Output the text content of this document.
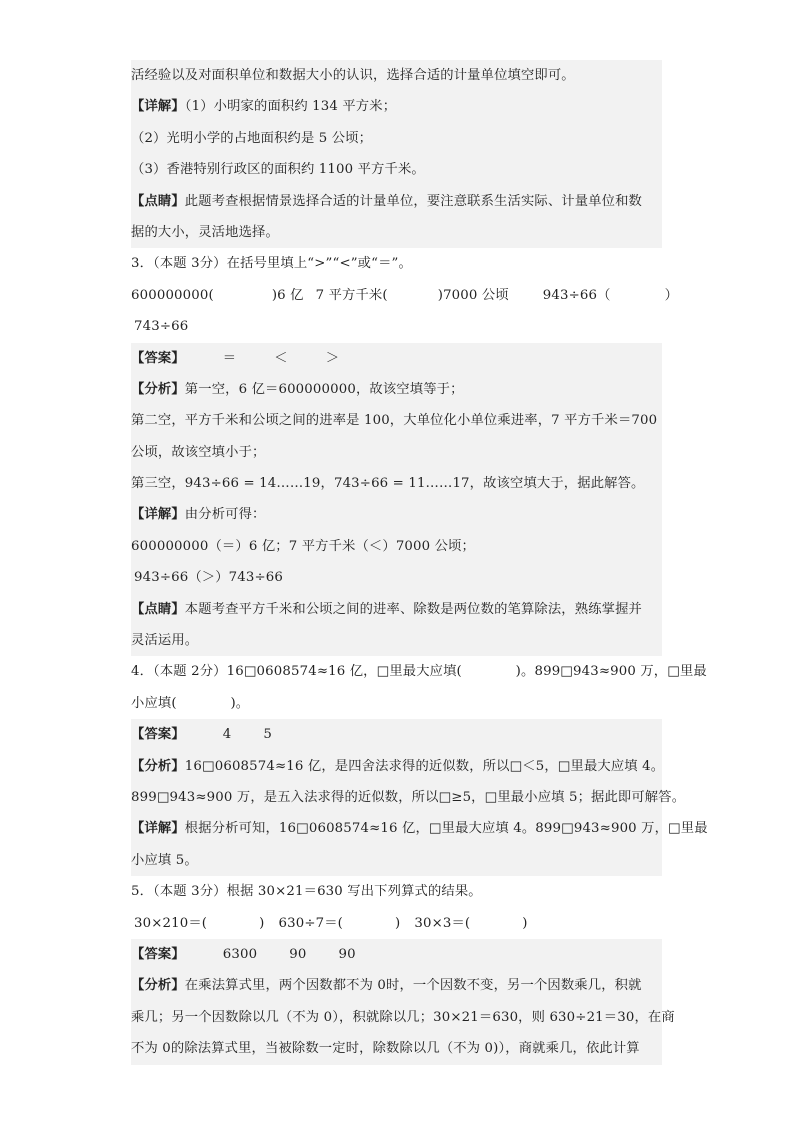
活经验以及对面积单位和数据大小的认识，选择合适的计量单位填空即可。
【详解】（1）小明家的面积约 134 平方米；
（2）光明小学的占地面积约是 5 公顷；
（3）香港特别行政区的面积约 1100 平方千米。
【点睛】此题考查根据情景选择合适的计量单位，要注意联系生活实际、计量单位和数
据的大小，灵活地选择。
3．（本题 3分）在括号里填上“>”“<”或“＝”。
600000000(	)6 亿 7 平方千米(	)7000 公顷	943÷66（	）
743÷66
【答案】	＝	＜	＞
【分析】第一空，6 亿＝600000000，故该空填等于；
第二空，平方千米和公顷之间的进率是 100，大单位化小单位乘进率，7 平方千米＝700
公顷，故该空填小于；
第三空，943÷66 = 14……19，743÷66 = 11……17，故该空填大于，据此解答。
【详解】由分析可得：
600000000（＝）6 亿；7 平方千米（＜）7000 公顷；
943÷66（＞）743÷66
【点睛】本题考查平方千米和公顷之间的进率、除数是两位数的笔算除法，熟练掌握并
灵活运用。
4．（本题 2分）16□0608574≈16 亿，□里最大应填(　　　　)。899□943≈900 万，□里最
小应填(　　　　)。
【答案】	4 5
【分析】16□0608574≈16 亿，是四舍法求得的近似数，所以□＜5，□里最大应填 4。
899□943≈900 万，是五入法求得的近似数，所以□≥5，□里最小应填 5；据此即可解答。
【详解】根据分析可知，16□0608574≈16 亿，□里最大应填 4。899□943≈900 万，□里最
小应填 5。
5．（本题 3分）根据 30×21＝630 写出下列算式的结果。
30×210＝(	) 630÷7＝(	) 30×3＝(	)
【答案】	6300 90 90
【分析】在乘法算式里，两个因数都不为 0时，一个因数不变，另一个因数乘几，积就
乘几；另一个因数除以几（不为 0），积就除以几；30×21＝630，则 630÷21＝30，在商
不为 0的除法算式里，当被除数一定时，除数除以几（不为 0)），商就乘几，依此计算
